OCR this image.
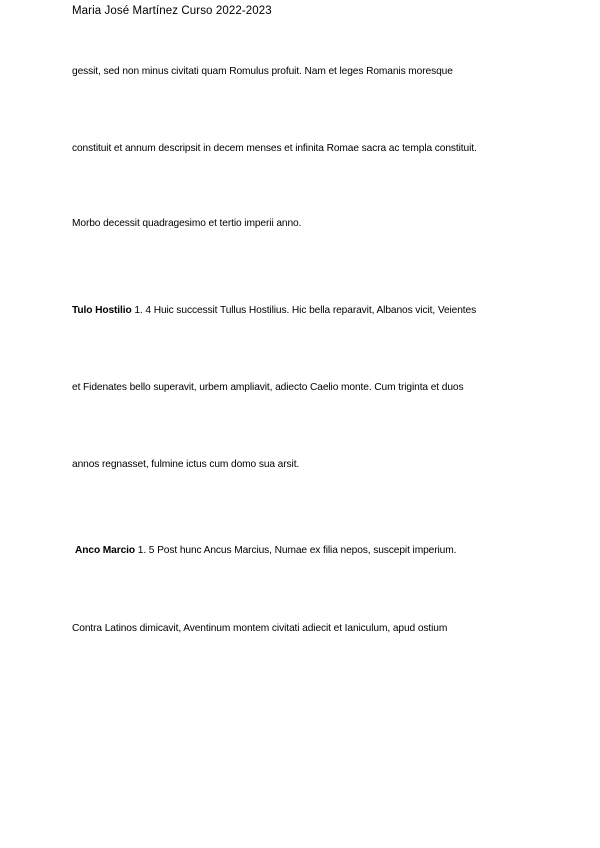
Maria José Martínez Curso 2022-2023
gessit, sed non minus civitati quam Romulus profuit. Nam et leges Romanis moresque
constituit et annum descripsit in decem menses et infinita Romae sacra ac templa constituit.
Morbo decessit quadragesimo et tertio imperii anno.
Tulo Hostilio 1. 4 Huic successit Tullus Hostilius. Hic bella reparavit, Albanos vicit, Veientes
et Fidenates bello superavit, urbem ampliavit, adiecto Caelio monte. Cum triginta et duos
annos regnasset, fulmine ictus cum domo sua arsit.
Anco Marcio 1. 5 Post hunc Ancus Marcius, Numae ex filia nepos, suscepit imperium.
Contra Latinos dimicavit, Aventinum montem civitati adiecit et Ianiculum, apud ostium
